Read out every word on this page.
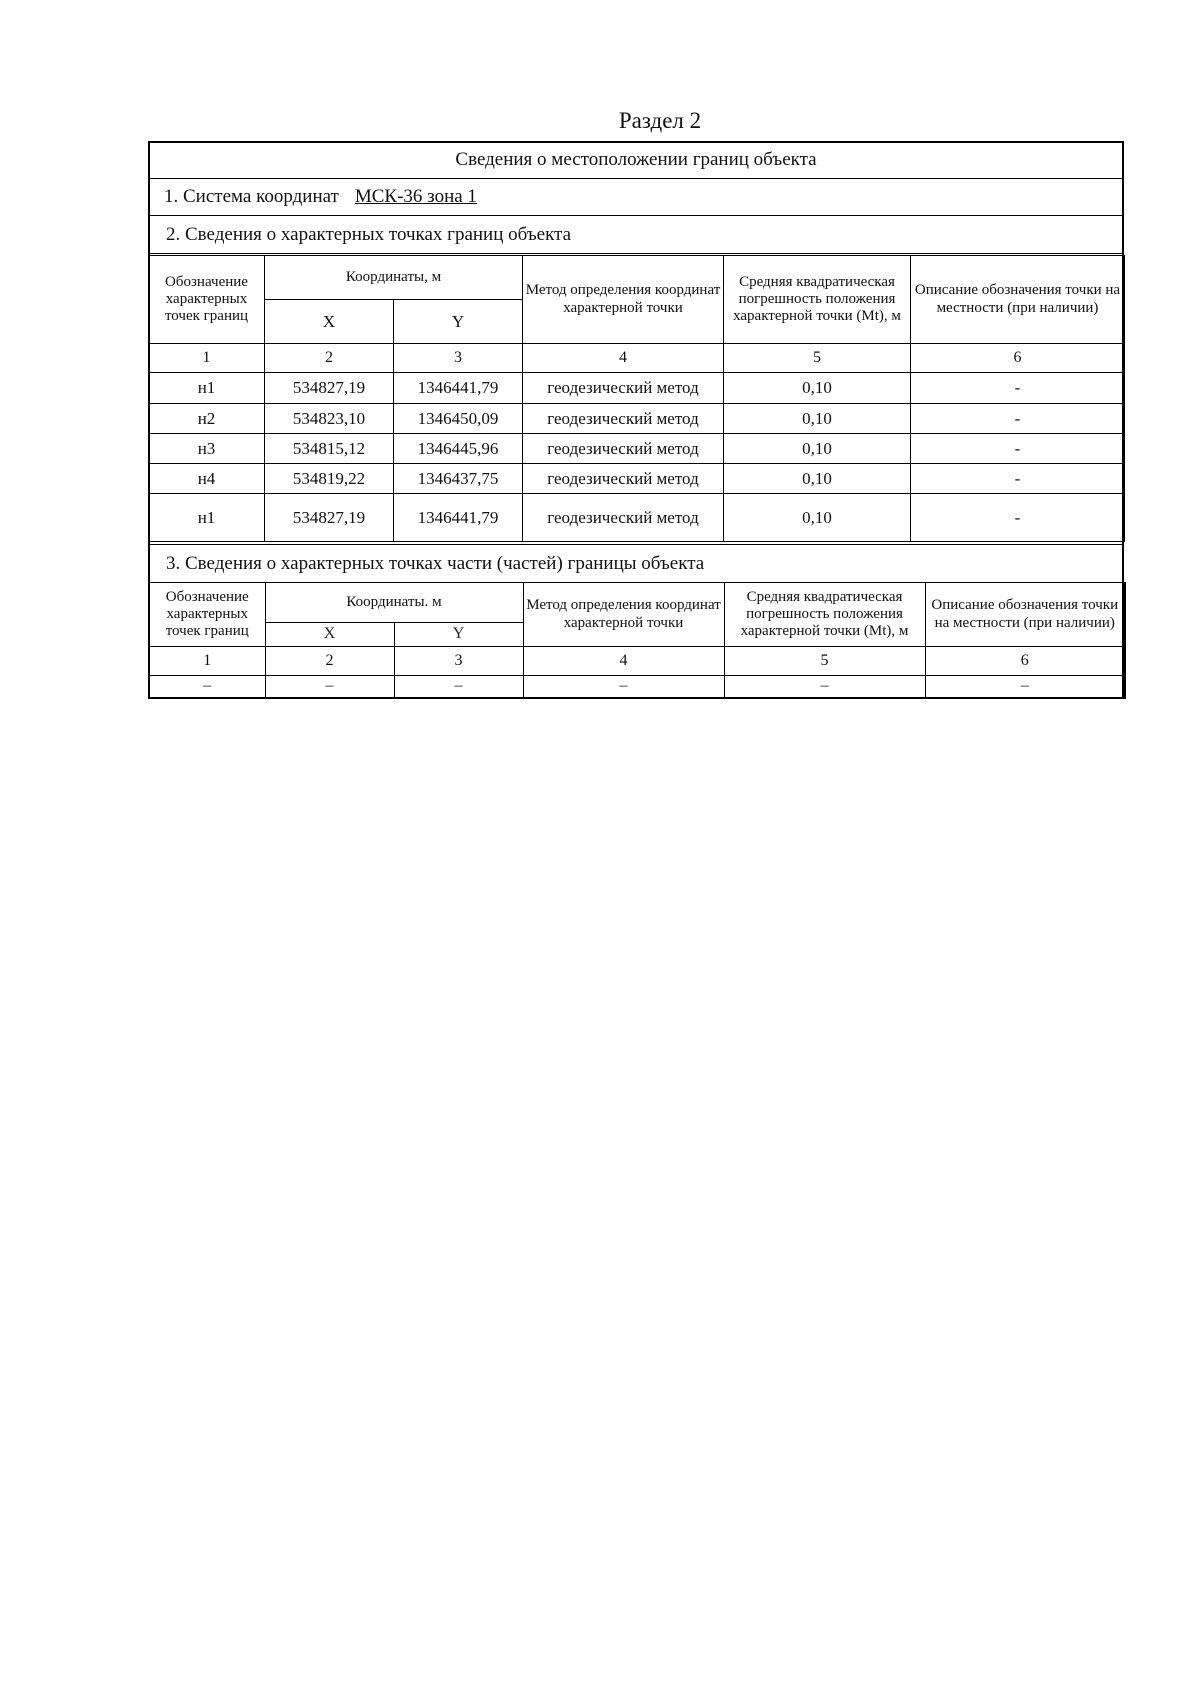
Раздел 2
Сведения о местоположении границ объекта
1. Система координат МСК-36 зона 1
2. Сведения о характерных точках границ объекта
Обозначение характерных точек границ	Координаты, м		Метод определения координат характерной точки	Средняя квадратическая погрешность положения характерной точки (Mt), м	Описание обозначения точки на местности (при наличии)
	X	Y			
1	2	3	4	5	6
н1	534827,19	1346441,79	геодезический метод	0,10	-
н2	534823,10	1346450,09	геодезический метод	0,10	-
н3	534815,12	1346445,96	геодезический метод	0,10	-
н4	534819,22	1346437,75	геодезический метод	0,10	-
н1	534827,19	1346441,79	геодезический метод	0,10	-
3. Сведения о характерных точках части (частей) границы объекта
Обозначение характерных точек границ	Координаты. м		Метод определения координат характерной точки	Средняя квадратическая погрешность положения характерной точки (Mt), м	Описание обозначения точки на местности (при наличии)
	X	Y			
1	2	3	4	5	6
–	–	–	–	–	–
